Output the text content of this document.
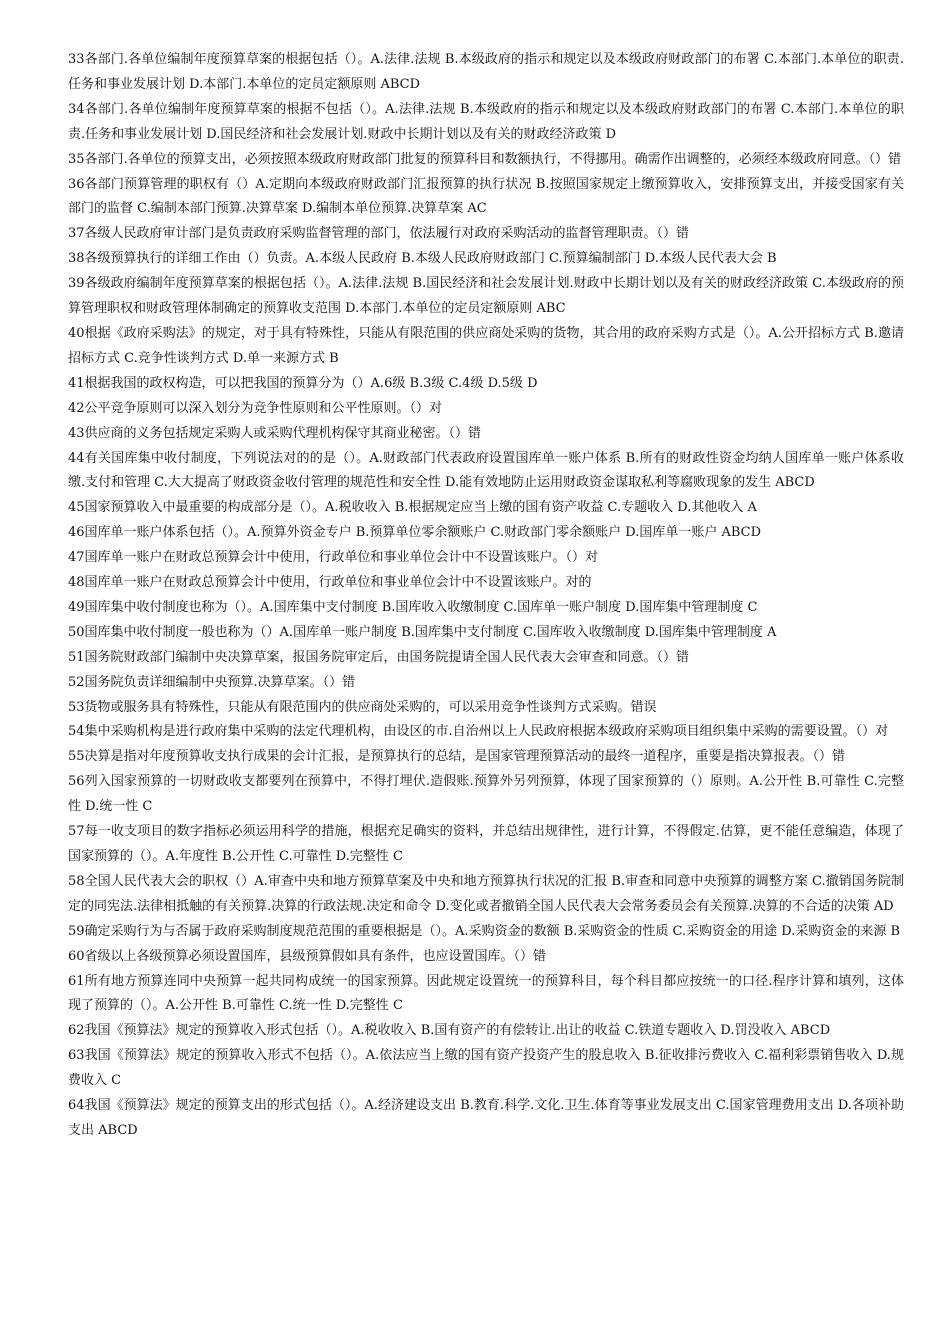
33各部门.各单位编制年度预算草案的根据包括（）。A.法律.法规 B.本级政府的指示和规定以及本级政府财政部门的布署 C.本部门.本单位的职责.任务和事业发展计划 D.本部门.本单位的定员定额原则 ABCD

34各部门.各单位编制年度预算草案的根据不包括（）。A.法律.法规 B.本级政府的指示和规定以及本级政府财政部门的布署 C.本部门.本单位的职责.任务和事业发展计划 D.国民经济和社会发展计划.财政中长期计划以及有关的财政经济政策 D

35各部门.各单位的预算支出，必须按照本级政府财政部门批复的预算科目和数额执行，不得挪用。确需作出调整的，必须经本级政府同意。（）错

36各部门预算管理的职权有（）A.定期向本级政府财政部门汇报预算的执行状况 B.按照国家规定上缴预算收入，安排预算支出，并接受国家有关部门的监督 C.编制本部门预算.决算草案 D.编制本单位预算.决算草案 AC

37各级人民政府审计部门是负责政府采购监督管理的部门，依法履行对政府采购活动的监督管理职责。（）错

38各级预算执行的详细工作由（）负责。A.本级人民政府 B.本级人民政府财政部门 C.预算编制部门 D.本级人民代表大会 B

39各级政府编制年度预算草案的根据包括（）。A.法律.法规 B.国民经济和社会发展计划.财政中长期计划以及有关的财政经济政策 C.本级政府的预算管理职权和财政管理体制确定的预算收支范围 D.本部门.本单位的定员定额原则 ABC

40根据《政府采购法》的规定，对于具有特殊性，只能从有限范围的供应商处采购的货物，其合用的政府采购方式是（）。A.公开招标方式 B.邀请招标方式 C.竞争性谈判方式 D.单一来源方式 B

41根据我国的政权构造，可以把我国的预算分为（）A.6级 B.3级 C.4级 D.5级 D

42公平竞争原则可以深入划分为竞争性原则和公平性原则。（）对

43供应商的义务包括规定采购人或采购代理机构保守其商业秘密。（）错

44有关国库集中收付制度，下列说法对的的是（）。A.财政部门代表政府设置国库单一账户体系 B.所有的财政性资金均纳人国库单一账户体系收缴.支付和管理 C.大大提高了财政资金收付管理的规范性和安全性 D.能有效地防止运用财政资金谋取私利等腐败现象的发生 ABCD

45国家预算收入中最重要的构成部分是（）。A.税收收入 B.根据规定应当上缴的国有资产收益 C.专题收入 D.其他收入 A

46国库单一账户体系包括（）。A.预算外资金专户 B.预算单位零余额账户 C.财政部门零余额账户 D.国库单一账户 ABCD

47国库单一账户在财政总预算会计中使用，行政单位和事业单位会计中不设置该账户。（）对

48国库单一账户在财政总预算会计中使用，行政单位和事业单位会计中不设置该账户。对的

49国库集中收付制度也称为（）。A.国库集中支付制度 B.国库收入收缴制度 C.国库单一账户制度 D.国库集中管理制度 C

50国库集中收付制度一般也称为（）A.国库单一账户制度 B.国库集中支付制度 C.国库收入收缴制度 D.国库集中管理制度 A

51国务院财政部门编制中央决算草案，报国务院审定后，由国务院提请全国人民代表大会审查和同意。（）错

52国务院负责详细编制中央预算.决算草案。（）错

53货物或服务具有特殊性，只能从有限范围内的供应商处采购的，可以采用竞争性谈判方式采购。错误

54集中采购机构是进行政府集中采购的法定代理机构，由设区的市.自治州以上人民政府根据本级政府采购项目组织集中采购的需要设置。（）对

55决算是指对年度预算收支执行成果的会计汇报，是预算执行的总结，是国家管理预算活动的最终一道程序，重要是指决算报表。（）错

56列入国家预算的一切财政收支都要列在预算中，不得打埋伏.造假账.预算外另列预算，体现了国家预算的（）原则。A.公开性 B.可靠性 C.完整性 D.统一性 C

57每一收支项目的数字指标必须运用科学的措施，根据充足确实的资料，并总结出规律性，进行计算，不得假定.估算，更不能任意编造，体现了国家预算的（）。A.年度性 B.公开性 C.可靠性 D.完整性 C

58全国人民代表大会的职权（）A.审查中央和地方预算草案及中央和地方预算执行状况的汇报 B.审查和同意中央预算的调整方案 C.撤销国务院制定的同宪法.法律相抵触的有关预算.决算的行政法规.决定和命令 D.变化或者撤销全国人民代表大会常务委员会有关预算.决算的不合适的决策 AD

59确定采购行为与否属于政府采购制度规范范围的重要根据是（）。A.采购资金的数额 B.采购资金的性质 C.采购资金的用途 D.采购资金的来源 B

60省级以上各级预算必须设置国库，县级预算假如具有条件，也应设置国库。（）错

61所有地方预算连同中央预算一起共同构成统一的国家预算。因此规定设置统一的预算科目，每个科目都应按统一的口径.程序计算和填列，这体现了预算的（）。A.公开性 B.可靠性 C.统一性 D.完整性 C

62我国《预算法》规定的预算收入形式包括（）。A.税收收入 B.国有资产的有偿转让.出让的收益 C.铁道专题收入 D.罚没收入 ABCD

63我国《预算法》规定的预算收入形式不包括（）。A.依法应当上缴的国有资产投资产生的股息收入 B.征收排污费收入 C.福利彩票销售收入 D.规费收入 C

64我国《预算法》规定的预算支出的形式包括（）。A.经济建设支出 B.教育.科学.文化.卫生.体育等事业发展支出 C.国家管理费用支出 D.各项补助支出 ABCD
